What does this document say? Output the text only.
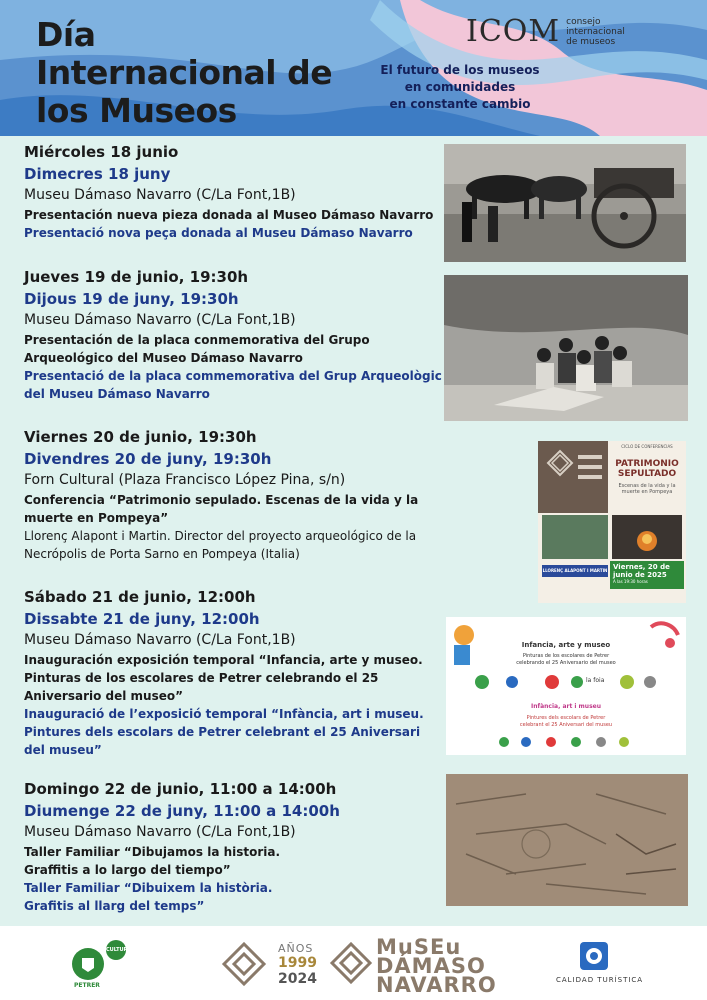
Día
Internacional de
los Museos
ICOM consejo
internacional
de museos
El futuro de los museos
en comunidades
en constante cambio
Miércoles 18 junio
Dimecres 18 juny
Museu Dámaso Navarro (C/La Font,1B)
Presentación nueva pieza donada al Museo Dámaso Navarro
Presentació nova peça donada al Museu Dámaso Navarro
Jueves 19 de junio, 19:30h
Dijous 19 de juny, 19:30h
Museu Dámaso Navarro (C/La Font,1B)
Presentación de la placa conmemorativa del Grupo Arqueológico del Museo Dámaso Navarro
Presentació de la placa commemorativa del Grup Arqueològic del Museu Dámaso Navarro
Viernes 20 de junio, 19:30h
Divendres 20 de juny, 19:30h
Forn Cultural (Plaza Francisco López Pina, s/n)
Conferencia “Patrimonio sepulado. Escenas de la vida y la muerte en Pompeya”
Llorenç Alapont i Martin. Director del proyecto arqueológico de la Necrópolis de Porta Sarno en Pompeya (Italia)
CICLO DE CONFERENCIAS
PATRIMONIO
SEPULTADO
Escenas de la vida y la
muerte en Pompeya
LLORENÇ ALAPONT I MARTIN Viernes, 20 de
junio de 2025
A las 19:30 horas
Sábado 21 de junio, 12:00h
Dissabte 21 de juny, 12:00h
Museu Dámaso Navarro (C/La Font,1B)
Inauguración exposición temporal “Infancia, arte y museo. Pinturas de los escolares de Petrer celebrando el 25 Aniversario del museo”
Inauguració de l’exposició temporal “Infància, art i museu. Pintures dels escolars de Petrer celebrant el 25 Aniversari del museu”
Infancia, arte y museo
Pinturas de los escolares de Petrer
celebrando el 25 Aniversario del museo
la foia
Infància, art i museu
Pintures dels escolars de Petrer
celebrant el 25 Aniversari del museu
Domingo 22 de junio, 11:00 a 14:00h
Diumenge 22 de juny, 11:00 a 14:00h
Museu Dámaso Navarro (C/La Font,1B)
Taller Familiar “Dibujamos la historia. Graffitis a lo largo del tiempo”
Taller Familiar “Dibuixem la història. Grafitis al llarg del temps”
CULTURA
PETRER
AÑOS
1999
2024
MuSEu
DÁMASO
NAVARRO	CALIDAD TURÍSTICA
